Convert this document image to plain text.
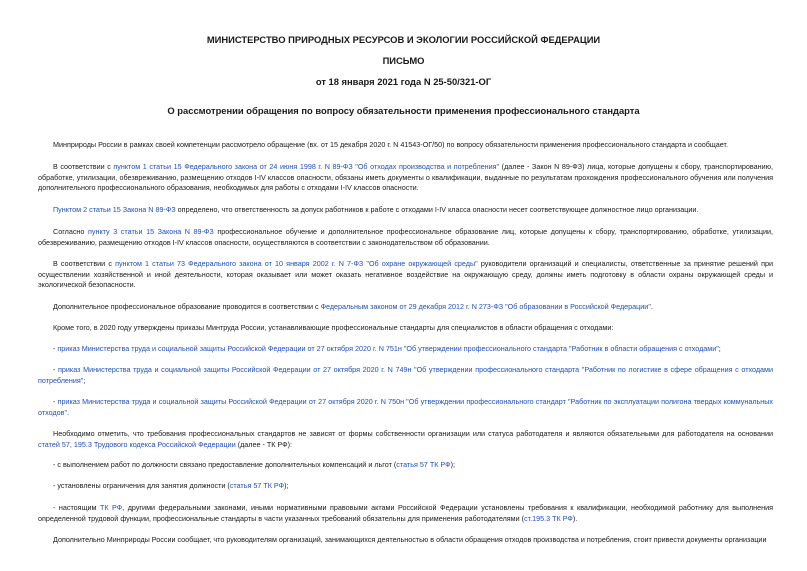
МИНИСТЕРСТВО ПРИРОДНЫХ РЕСУРСОВ И ЭКОЛОГИИ РОССИЙСКОЙ ФЕДЕРАЦИИ
ПИСЬМО
от 18 января 2021 года N 25-50/321-ОГ
О рассмотрении обращения по вопросу обязательности применения профессионального стандарта

Минприроды России в рамках своей компетенции рассмотрело обращение (вх. от 15 декабря 2020 г. N 41543-ОГ/50) по вопросу обязательности применения профессионального стандарта и сообщает.

В соответствии с пунктом 1 статьи 15 Федерального закона от 24 июня 1998 г. N 89-ФЗ "Об отходах производства и потребления" (далее - Закон N 89-ФЗ) лица, которые допущены к сбору, транспортированию, обработке, утилизации, обезвреживанию, размещению отходов I-IV классов опасности, обязаны иметь документы о квалификации, выданные по результатам прохождения профессионального обучения или получения дополнительного профессионального образования, необходимых для работы с отходами I-IV классов опасности.

Пунктом 2 статьи 15 Закона N 89-ФЗ определено, что ответственность за допуск работников к работе с отходами I-IV класса опасности несет соответствующее должностное лицо организации.

Согласно пункту 3 статьи 15 Закона N 89-ФЗ профессиональное обучение и дополнительное профессиональное образование лиц, которые допущены к сбору, транспортированию, обработке, утилизации, обезвреживанию, размещению отходов I-IV классов опасности, осуществляются в соответствии с законодательством об образовании.

В соответствии с пунктом 1 статьи 73 Федерального закона от 10 января 2002 г. N 7-ФЗ "Об охране окружающей среды" руководители организаций и специалисты, ответственные за принятие решений при осуществлении хозяйственной и иной деятельности, которая оказывает или может оказать негативное воздействие на окружающую среду, должны иметь подготовку в области охраны окружающей среды и экологической безопасности.

Дополнительное профессиональное образование проводится в соответствии с Федеральным законом от 29 декабря 2012 г. N 273-ФЗ "Об образовании в Российской Федерации".

Кроме того, в 2020 году утверждены приказы Минтруда России, устанавливающие профессиональные стандарты для специалистов в области обращения с отходами:

- приказ Министерства труда и социальной защиты Российской Федерации от 27 октября 2020 г. N 751н "Об утверждении профессионального стандарта "Работник в области обращения с отходами";

- приказ Министерства труда и социальной защиты Российской Федерации от 27 октября 2020 г. N 749н "Об утверждении профессионального стандарта "Работник по логистике в сфере обращения с отходами потребления";

- приказ Министерства труда и социальной защиты Российской Федерации от 27 октября 2020 г. N 750н "Об утверждении профессионального стандарт "Работник по эксплуатации полигона твердых коммунальных отходов".

Необходимо отметить, что требования профессиональных стандартов не зависят от формы собственности организации или статуса работодателя и являются обязательными для работодателя на основании статей 57, 195.3 Трудового кодекса Российской Федерации (далее - ТК РФ):

- с выполнением работ по должности связано предоставление дополнительных компенсаций и льгот (статья 57 ТК РФ);

- установлены ограничения для занятия должности (статья 57 ТК РФ);

- настоящим ТК РФ, другими федеральными законами, иными нормативными правовыми актами Российской Федерации установлены требования к квалификации, необходимой работнику для выполнения определенной трудовой функции, профессиональные стандарты в части указанных требований обязательны для применения работодателями (ст.195.3 ТК РФ).

Дополнительно Минприроды России сообщает, что руководителям организаций, занимающихся деятельностью в области обращения отходов производства и потребления, стоит привести документы организации
